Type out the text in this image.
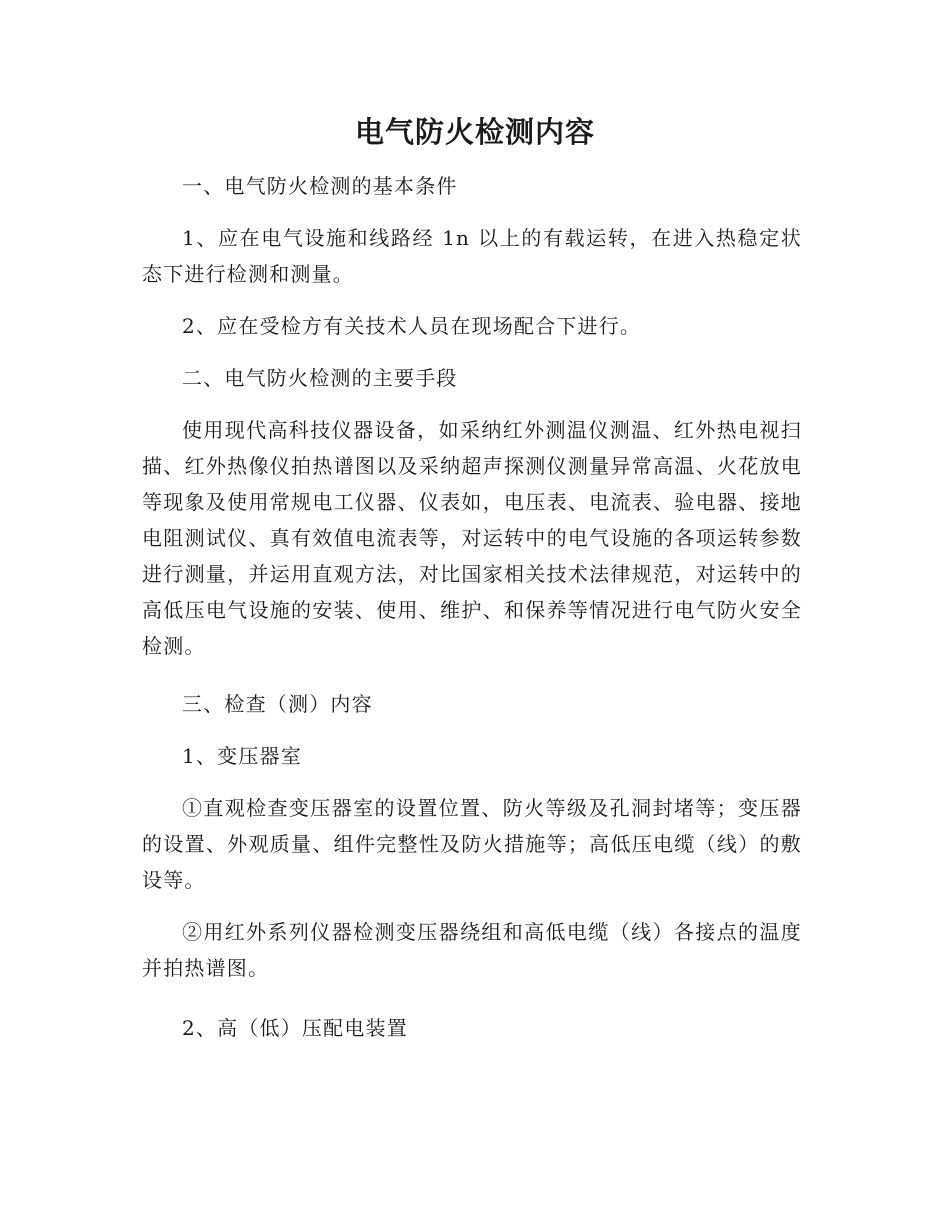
电气防火检测内容

一、电气防火检测的基本条件

1、应在电气设施和线路经 1n 以上的有载运转，在进入热稳定状态下进行检测和测量。

2、应在受检方有关技术人员在现场配合下进行。

二、电气防火检测的主要手段

使用现代高科技仪器设备，如采纳红外测温仪测温、红外热电视扫描、红外热像仪拍热谱图以及采纳超声探测仪测量异常高温、火花放电等现象及使用常规电工仪器、仪表如，电压表、电流表、验电器、接地电阻测试仪、真有效值电流表等，对运转中的电气设施的各项运转参数进行测量，并运用直观方法，对比国家相关技术法律规范，对运转中的高低压电气设施的安装、使用、维护、和保养等情况进行电气防火安全检测。

三、检查（测）内容

1、变压器室

①直观检查变压器室的设置位置、防火等级及孔洞封堵等；变压器的设置、外观质量、组件完整性及防火措施等；高低压电缆（线）的敷设等。

②用红外系列仪器检测变压器绕组和高低电缆（线）各接点的温度并拍热谱图。

2、高（低）压配电装置
